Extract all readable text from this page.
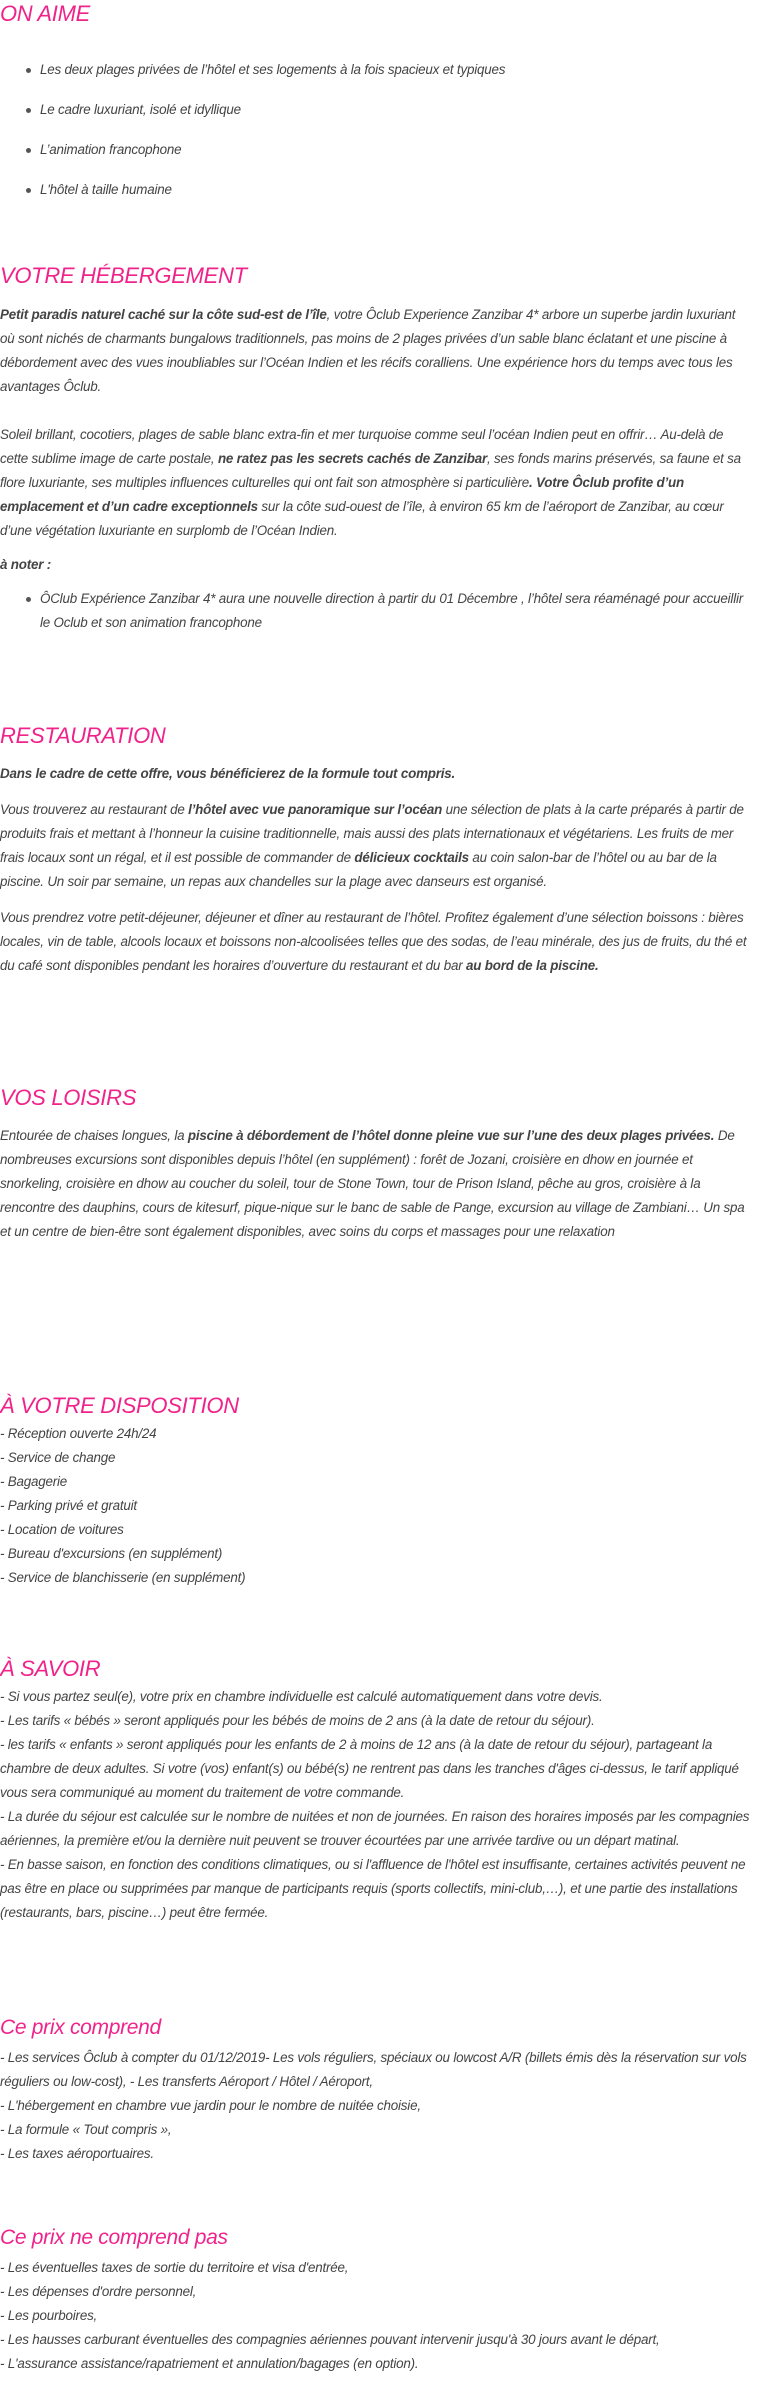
ON AIME
Les deux plages privées de l’hôtel et ses logements à la fois spacieux et typiques
Le cadre luxuriant, isolé et idyllique
L’animation francophone
L'hôtel à taille humaine
VOTRE HÉBERGEMENT

Petit paradis naturel caché sur la côte sud-est de l’île, votre Ôclub Experience Zanzibar 4* arbore un superbe jardin luxuriant où sont nichés de charmants bungalows traditionnels, pas moins de 2 plages privées d’un sable blanc éclatant et une piscine à débordement avec des vues inoubliables sur l’Océan Indien et les récifs coralliens. Une expérience hors du temps avec tous les avantages Ôclub.

Soleil brillant, cocotiers, plages de sable blanc extra-fin et mer turquoise comme seul l’océan Indien peut en offrir… Au-delà de cette sublime image de carte postale, ne ratez pas les secrets cachés de Zanzibar, ses fonds marins préservés, sa faune et sa flore luxuriante, ses multiples influences culturelles qui ont fait son atmosphère si particulière. Votre Ôclub profite d’un emplacement et d’un cadre exceptionnels sur la côte sud-ouest de l’île, à environ 65 km de l’aéroport de Zanzibar, au cœur d’une végétation luxuriante en surplomb de l’Océan Indien.

à noter :

ÔClub Expérience Zanzibar 4* aura une nouvelle direction à partir du 01 Décembre , l’hôtel sera réaménagé pour accueillir le Oclub et son animation francophone
RESTAURATION

Dans le cadre de cette offre, vous bénéficierez de la formule tout compris.

Vous trouverez au restaurant de l’hôtel avec vue panoramique sur l’océan une sélection de plats à la carte préparés à partir de produits frais et mettant à l’honneur la cuisine traditionnelle, mais aussi des plats internationaux et végétariens. Les fruits de mer frais locaux sont un régal, et il est possible de commander de délicieux cocktails au coin salon-bar de l’hôtel ou au bar de la piscine. Un soir par semaine, un repas aux chandelles sur la plage avec danseurs est organisé.

Vous prendrez votre petit-déjeuner, déjeuner et dîner au restaurant de l’hôtel. Profitez également d’une sélection boissons : bières locales, vin de table, alcools locaux et boissons non-alcoolisées telles que des sodas, de l’eau minérale, des jus de fruits, du thé et du café sont disponibles pendant les horaires d’ouverture du restaurant et du bar au bord de la piscine.

VOS LOISIRS

Entourée de chaises longues, la piscine à débordement de l’hôtel donne pleine vue sur l’une des deux plages privées. De nombreuses excursions sont disponibles depuis l’hôtel (en supplément) : forêt de Jozani, croisière en dhow en journée et snorkeling, croisière en dhow au coucher du soleil, tour de Stone Town, tour de Prison Island, pêche au gros, croisière à la rencontre des dauphins, cours de kitesurf, pique-nique sur le banc de sable de Pange, excursion au village de Zambiani… Un spa et un centre de bien-être sont également disponibles, avec soins du corps et massages pour une relaxation

À VOTRE DISPOSITION
- Réception ouverte 24h/24
- Service de change
- Bagagerie
- Parking privé et gratuit
- Location de voitures
- Bureau d'excursions (en supplément)
- Service de blanchisserie (en supplément)
À SAVOIR
- Si vous partez seul(e), votre prix en chambre individuelle est calculé automatiquement dans votre devis.
- Les tarifs « bébés » seront appliqués pour les bébés de moins de 2 ans (à la date de retour du séjour).
- les tarifs « enfants » seront appliqués pour les enfants de 2 à moins de 12 ans (à la date de retour du séjour), partageant la chambre de deux adultes. Si votre (vos) enfant(s) ou bébé(s) ne rentrent pas dans les tranches d'âges ci-dessus, le tarif appliqué vous sera communiqué au moment du traitement de votre commande.
- La durée du séjour est calculée sur le nombre de nuitées et non de journées. En raison des horaires imposés par les compagnies aériennes, la première et/ou la dernière nuit peuvent se trouver écourtées par une arrivée tardive ou un départ matinal.
- En basse saison, en fonction des conditions climatiques, ou si l'affluence de l'hôtel est insuffisante, certaines activités peuvent ne pas être en place ou supprimées par manque de participants requis (sports collectifs, mini-club,…), et une partie des installations (restaurants, bars, piscine…) peut être fermée.
Ce prix comprend
- Les services Ôclub à compter du 01/12/2019- Les vols réguliers, spéciaux ou lowcost A/R (billets émis dès la réservation sur vols réguliers ou low-cost), - Les transferts Aéroport / Hôtel / Aéroport,
- L'hébergement en chambre vue jardin pour le nombre de nuitée choisie,
- La formule « Tout compris »,
- Les taxes aéroportuaires.
Ce prix ne comprend pas
- Les éventuelles taxes de sortie du territoire et visa d'entrée,
- Les dépenses d'ordre personnel,
- Les pourboires,
- Les hausses carburant éventuelles des compagnies aériennes pouvant intervenir jusqu'à 30 jours avant le départ,
- L'assurance assistance/rapatriement et annulation/bagages (en option).
